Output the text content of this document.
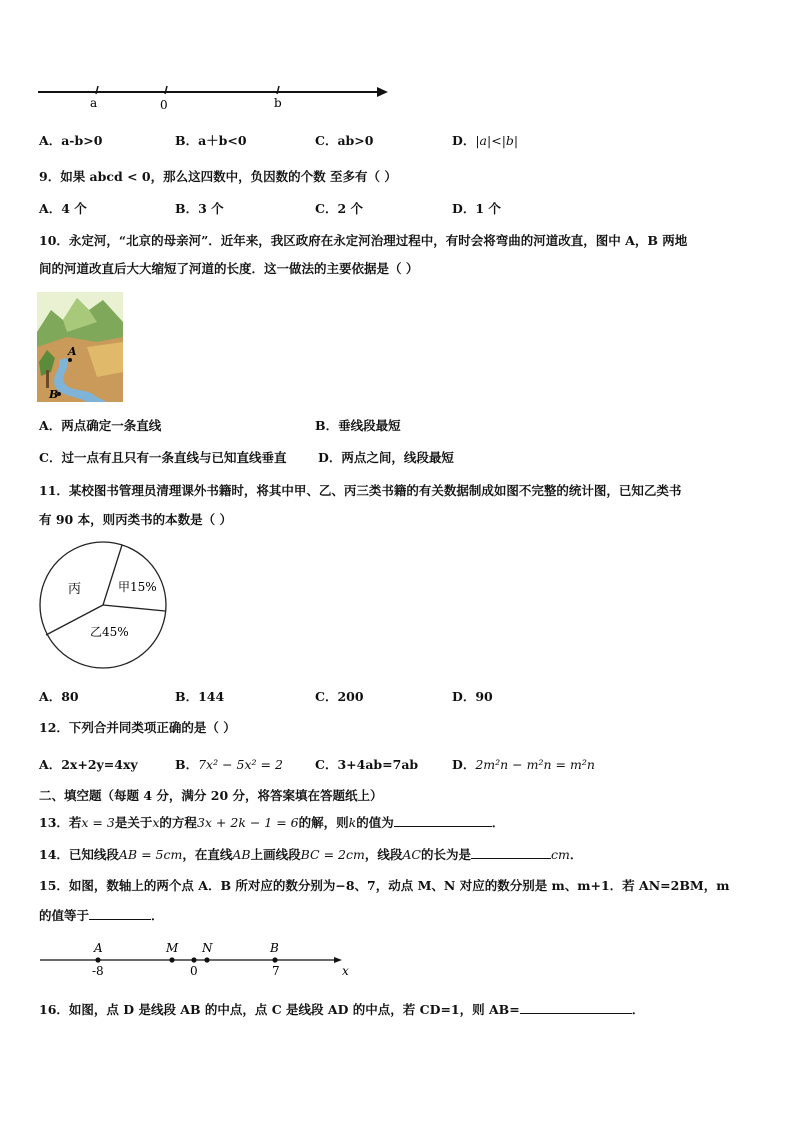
a	0	b
A．a-b>0	B．a＋b<0	C．ab>0	D．|a|<|b|
9．如果 abcd < 0，那么这四数中，负因数的个数 至多有（ ）
A．4 个	B．3 个	C．2 个	D．1 个
10．永定河，“北京的母亲河”．近年来，我区政府在永定河治理过程中，有时会将弯曲的河道改直，图中 A，B 两地
间的河道改直后大大缩短了河道的长度．这一做法的主要依据是（ ）
A
B
A．两点确定一条直线	B．垂线段最短
C．过一点有且只有一条直线与已知直线垂直	D．两点之间，线段最短
11．某校图书管理员清理课外书籍时，将其中甲、乙、丙三类书籍的有关数据制成如图不完整的统计图，已知乙类书
有 90 本，则丙类书的本数是（ ）
丙	甲15%
乙45%
A．80	B．144	C．200	D．90
12．下列合并同类项正确的是（ ）
A．2x+2y=4xy	B．7x² − 5x² = 2	C．3+4ab=7ab	D．2m²n − m²n = m²n
二、填空题（每题 4 分，满分 20 分，将答案填在答题纸上）
13．若x = 3是关于x的方程3x + 2k − 1 = 6的解，则k的值为	．
14．已知线段AB = 5cm，在直线AB上画线段BC = 2cm，线段AC的长为是	cm．
15．如图，数轴上的两个点 A．B 所对应的数分别为−8、7，动点 M、N 对应的数分别是 m、m+1．若 AN=2BM，m
的值等于	．
A	M N	B
-8	0	7	x
16．如图，点 D 是线段 AB 的中点，点 C 是线段 AD 的中点，若 CD=1，则 AB=	．
